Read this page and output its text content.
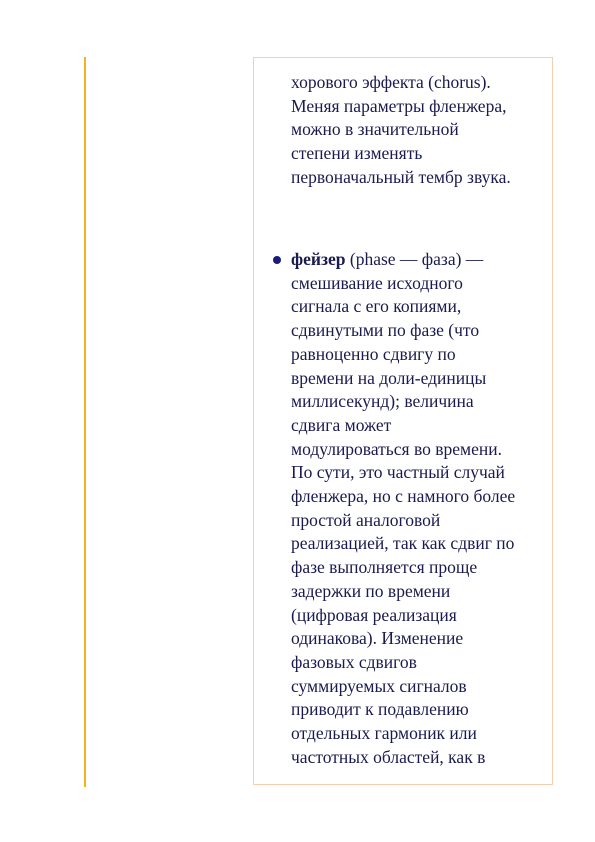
хорового эффекта (chorus).
Меняя параметры фленжера,
можно в значительной
степени изменять
первоначальный тембр звука.
фейзер (phase — фаза) —
смешивание исходного
сигнала с его копиями,
сдвинутыми по фазе (что
равноценно сдвигу по
времени на доли-единицы
миллисекунд); величина
сдвига может
модулироваться во времени.
По сути, это частный случай
фленжера, но с намного более
простой аналоговой
реализацией, так как сдвиг по
фазе выполняется проще
задержки по времени
(цифровая реализация
одинакова). Изменение
фазовых сдвигов
суммируемых сигналов
приводит к подавлению
отдельных гармоник или
частотных областей, как в
